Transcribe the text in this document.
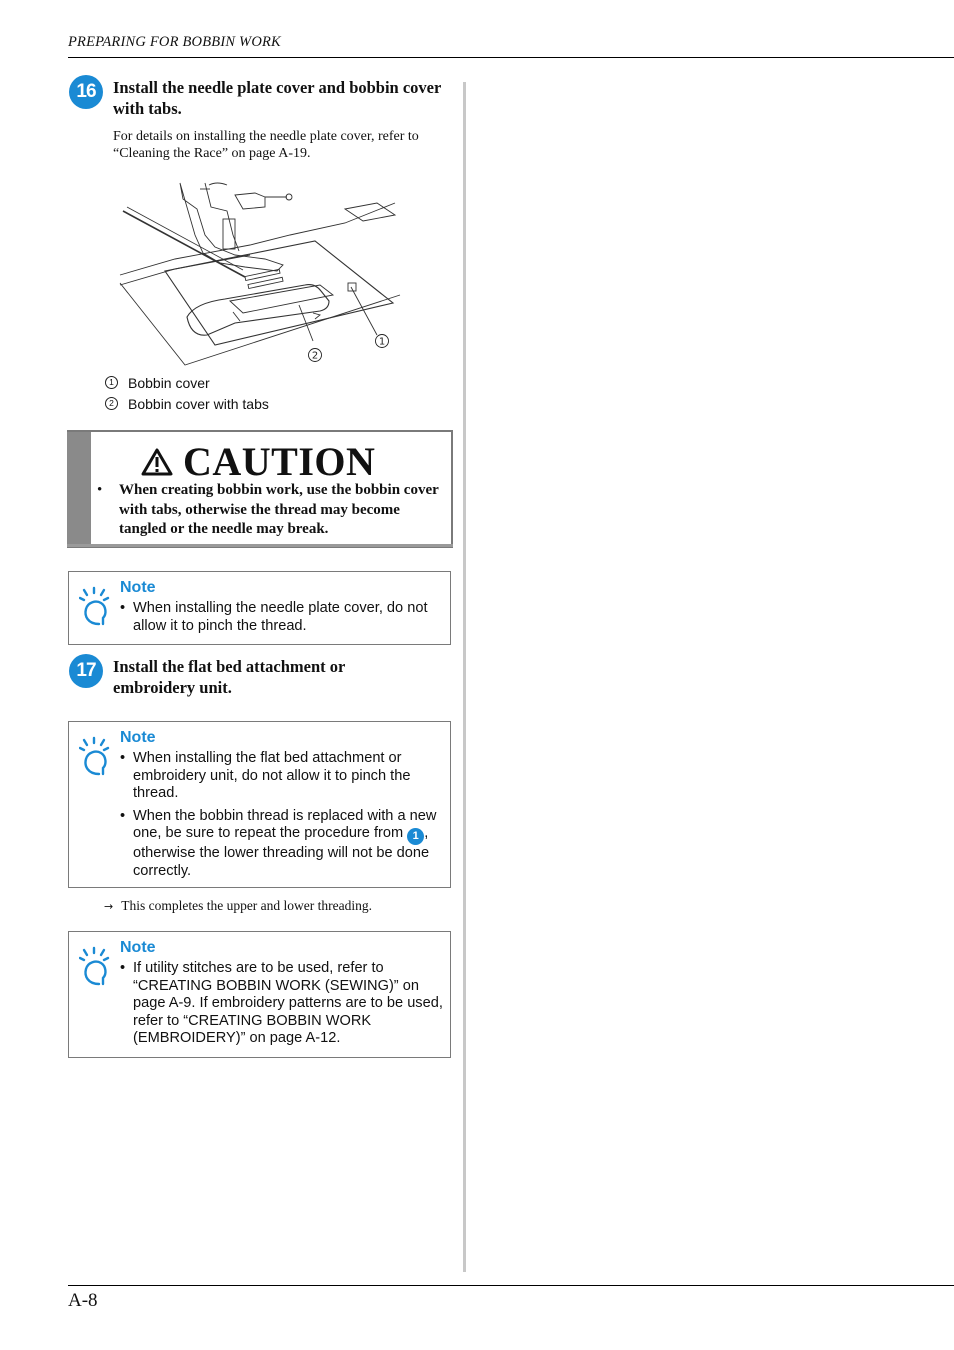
PREPARING FOR BOBBIN WORK
16	Install the needle plate cover and bobbin cover with tabs.
For details on installing the needle plate cover, refer to “Cleaning the Race” on page A-19.
2
1
1 Bobbin cover
2 Bobbin cover with tabs
CAUTION
•	When creating bobbin work, use the bobbin cover with tabs, otherwise the thread may become tangled or the needle may break.
Note
• When installing the needle plate cover, do not allow it to pinch the thread.
17	Install the flat bed attachment or embroidery unit.
Note
• When installing the flat bed attachment or embroidery unit, do not allow it to pinch the thread.
• When the bobbin thread is replaced with a new one, be sure to repeat the procedure from 1 , otherwise the lower threading will not be done correctly.
→ This completes the upper and lower threading.
Note
• If utility stitches are to be used, refer to “CREATING BOBBIN WORK (SEWING)” on page A-9. If embroidery patterns are to be used, refer to “CREATING BOBBIN WORK (EMBROIDERY)” on page A-12.
A-8
